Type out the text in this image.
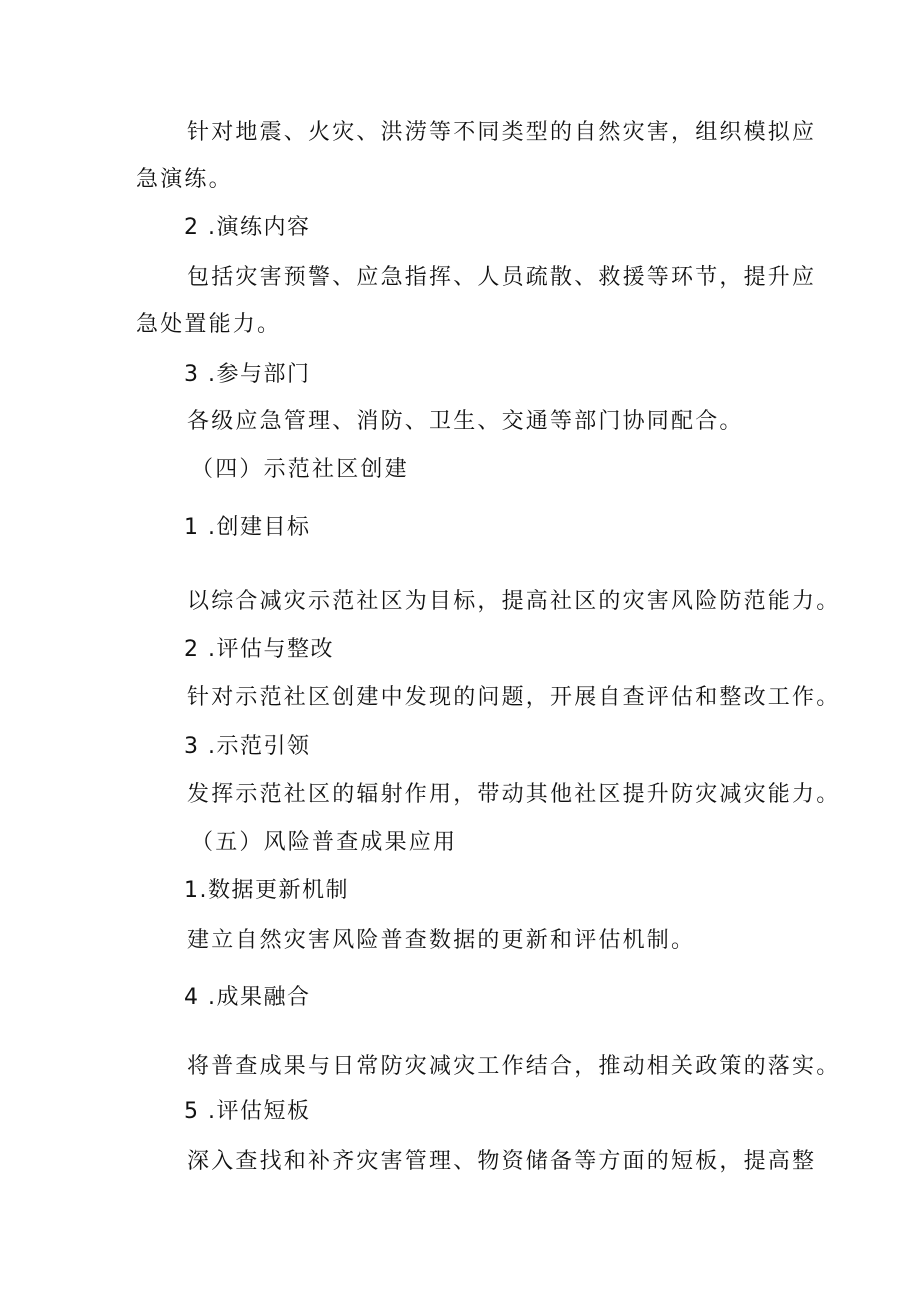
针对地震、火灾、洪涝等不同类型的自然灾害，组织模拟应
急演练。
2 .演练内容
包括灾害预警、应急指挥、人员疏散、救援等环节，提升应
急处置能力。
3 .参与部门
各级应急管理、消防、卫生、交通等部门协同配合。
（四）示范社区创建
1 .创建目标
以综合减灾示范社区为目标，提高社区的灾害风险防范能力。
2 .评估与整改
针对示范社区创建中发现的问题，开展自查评估和整改工作。
3 .示范引领
发挥示范社区的辐射作用，带动其他社区提升防灾减灾能力。
（五）风险普查成果应用
1.数据更新机制
建立自然灾害风险普查数据的更新和评估机制。
4 .成果融合
将普查成果与日常防灾减灾工作结合，推动相关政策的落实。
5 .评估短板
深入查找和补齐灾害管理、物资储备等方面的短板，提高整
